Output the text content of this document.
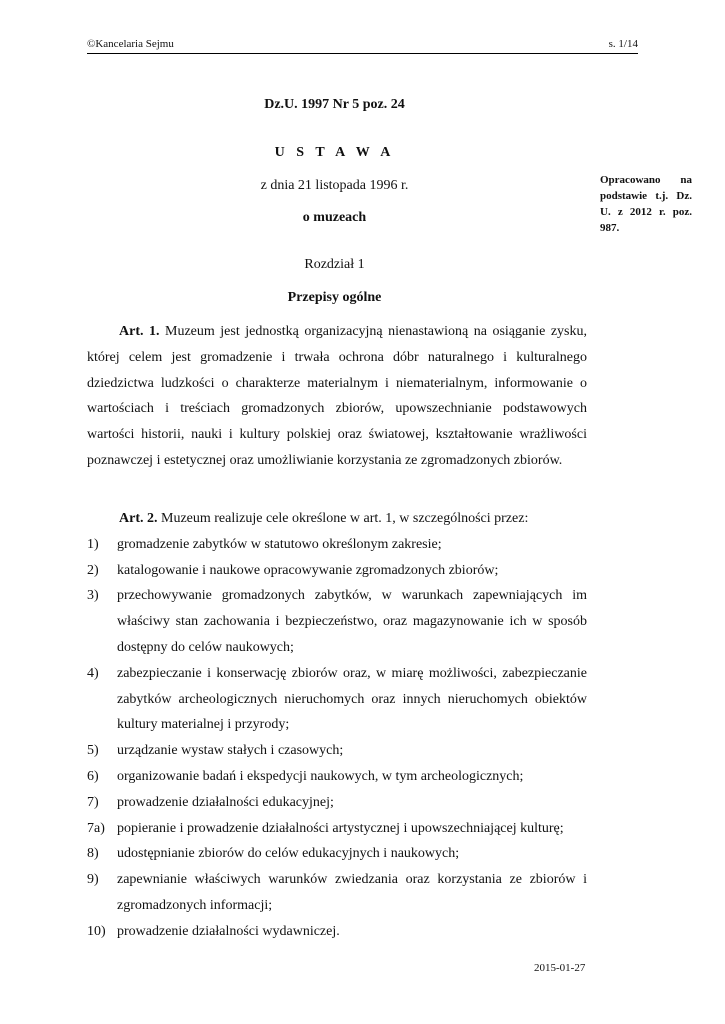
©Kancelaria Sejmu	s. 1/14
Dz.U. 1997 Nr 5 poz. 24
U S T A W A
z dnia 21 listopada 1996 r.
o muzeach
Opracowano na podstawie t.j. Dz. U. z 2012 r. poz. 987.
Rozdział 1
Przepisy ogólne

Art. 1. Muzeum jest jednostką organizacyjną nienastawioną na osiąganie zysku, której celem jest gromadzenie i trwała ochrona dóbr naturalnego i kulturalnego dziedzictwa ludzkości o charakterze materialnym i niematerialnym, informowanie o wartościach i treściach gromadzonych zbiorów, upowszechnianie podstawowych wartości historii, nauki i kultury polskiej oraz światowej, kształtowanie wrażliwości poznawczej i estetycznej oraz umożliwianie korzystania ze zgromadzonych zbiorów.

Art. 2. Muzeum realizuje cele określone w art. 1, w szczególności przez:

1)	gromadzenie zabytków w statutowo określonym zakresie;
2)	katalogowanie i naukowe opracowywanie zgromadzonych zbiorów;
3)	przechowywanie gromadzonych zabytków, w warunkach zapewniających im właściwy stan zachowania i bezpieczeństwo, oraz magazynowanie ich w sposób dostępny do celów naukowych;
4)	zabezpieczanie i konserwację zbiorów oraz, w miarę możliwości, zabezpieczanie zabytków archeologicznych nieruchomych oraz innych nieruchomych obiektów kultury materialnej i przyrody;
5)	urządzanie wystaw stałych i czasowych;
6)	organizowanie badań i ekspedycji naukowych, w tym archeologicznych;
7)	prowadzenie działalności edukacyjnej;
7a) popieranie i prowadzenie działalności artystycznej i upowszechniającej kulturę;
8)	udostępnianie zbiorów do celów edukacyjnych i naukowych;
9)	zapewnianie właściwych warunków zwiedzania oraz korzystania ze zbiorów i zgromadzonych informacji;
10) prowadzenie działalności wydawniczej.
2015-01-27
